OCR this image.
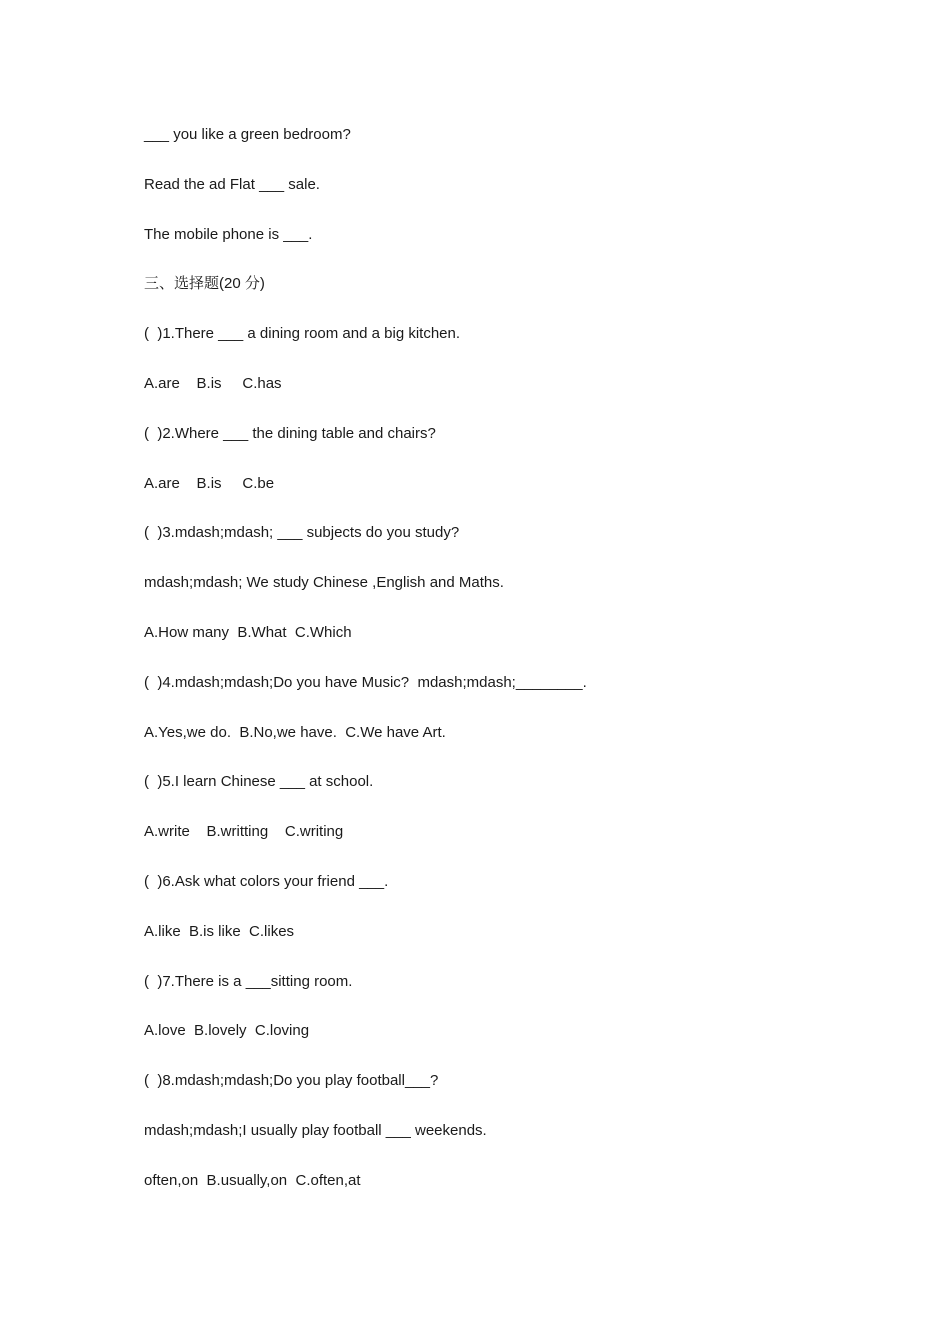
___ you like a green bedroom?
Read the ad Flat ___ sale.
The mobile phone is ___.
三、选择题(20 分)
(  )1.There ___ a dining room and a big kitchen.
A.are    B.is     C.has
(  )2.Where ___ the dining table and chairs?
A.are    B.is     C.be
(  )3.mdash;mdash; ___ subjects do you study?
mdash;mdash; We study Chinese ,English and Maths.
A.How many  B.What  C.Which
(  )4.mdash;mdash;Do you have Music?  mdash;mdash;________.
A.Yes,we do.  B.No,we have.  C.We have Art.
(  )5.I learn Chinese ___ at school.
A.write    B.writting    C.writing
(  )6.Ask what colors your friend ___.
A.like  B.is like  C.likes
(  )7.There is a ___sitting room.
A.love  B.lovely  C.loving
(  )8.mdash;mdash;Do you play football___?
mdash;mdash;I usually play football ___ weekends.
often,on  B.usually,on  C.often,at
